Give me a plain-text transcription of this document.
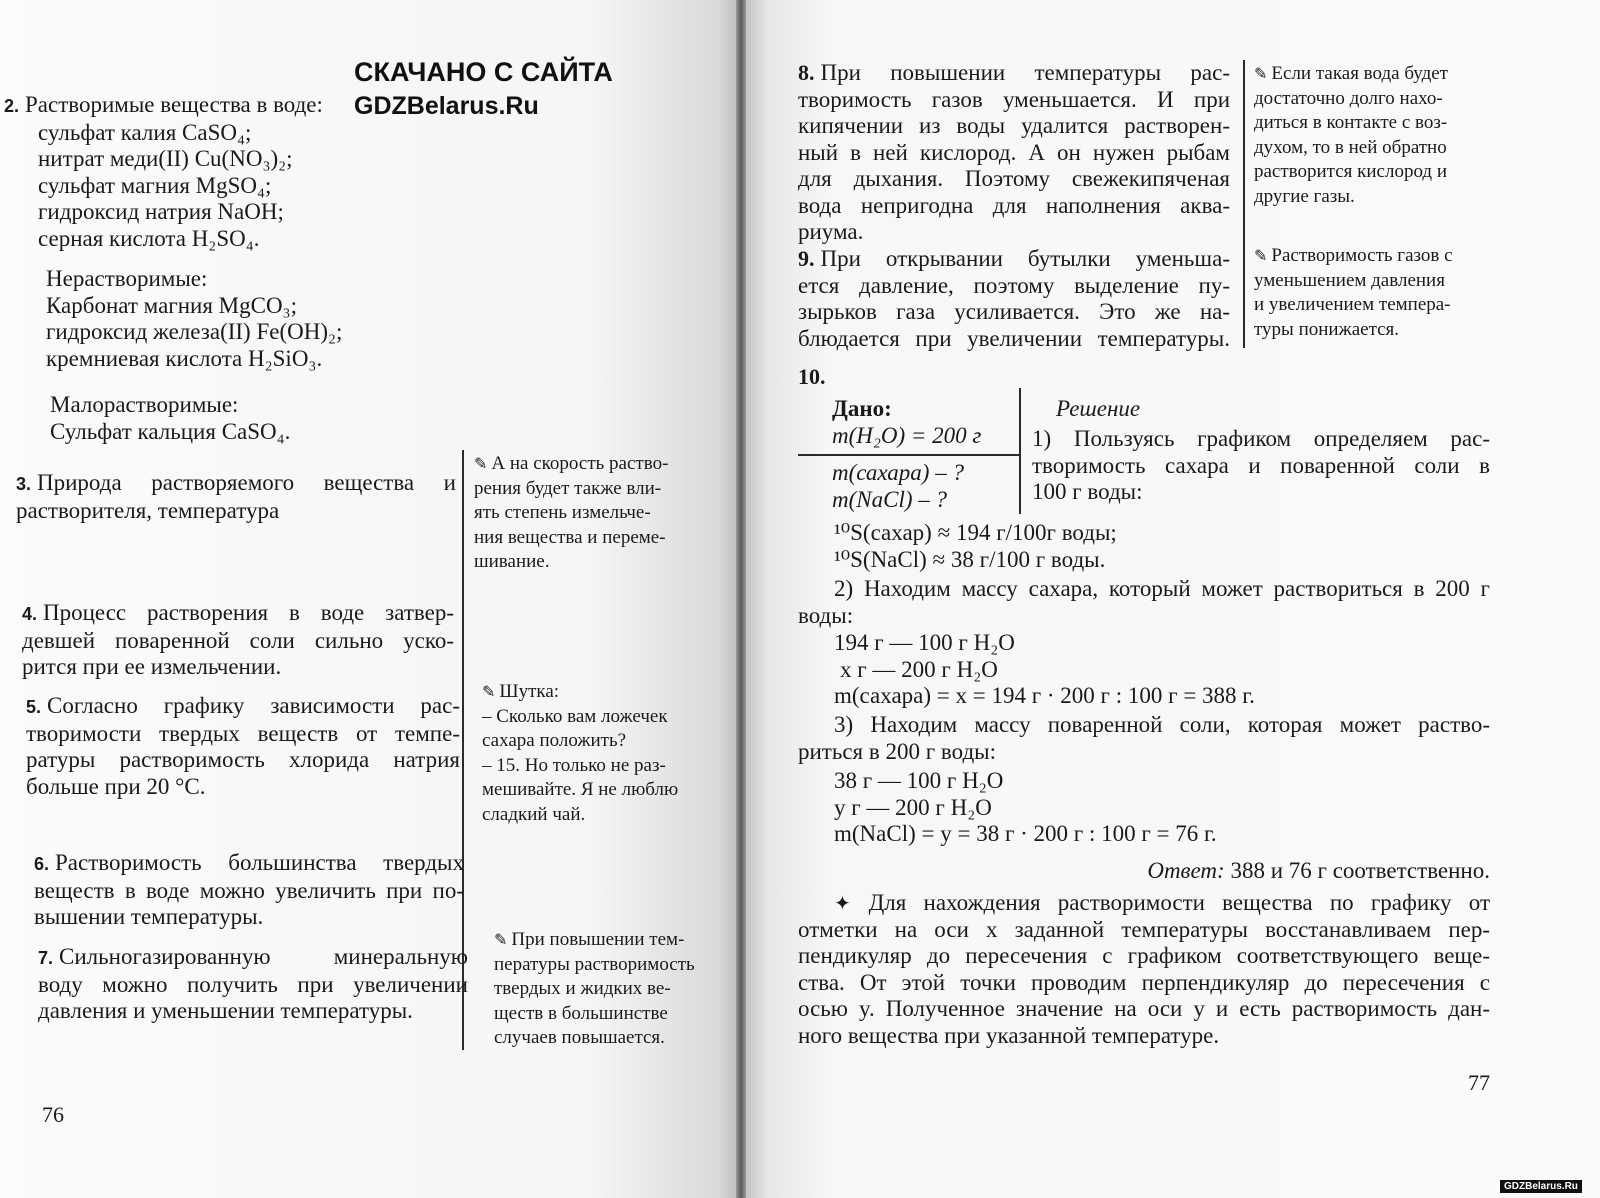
СКАЧАНО С САЙТА
GDZBelarus.Ru
2. Растворимые вещества в воде:
сульфат калия CaSO₄;
нитрат меди(II) Cu(NO₃)₂;
сульфат магния MgSO₄;
гидроксид натрия NaOH;
серная кислота H₂SO₄.
Нерастворимые:
Карбонат магния MgCO₃;
гидроксид железа(II) Fe(OH)₂;
кремниевая кислота H₂SiO₃.
Малорастворимые:
Сульфат кальция CaSO₄.
3. Природа растворяемого вещества и
растворителя, температура
4. Процесс растворения в воде затвер-
девшей поваренной соли сильно уско-
рится при ее измельчении.
5. Согласно графику зависимости рас-
творимости твердых веществ от темпе-
ратуры растворимость хлорида натрия
больше при 20 °С.
6. Растворимость большинства твердых
веществ в воде можно увеличить при по-
вышении температуры.
7. Сильногазированную минеральную
воду можно получить при увеличении
давления и уменьшении температуры.
✎ А на скорость раство-
рения будет также вли-
ять степень измельче-
ния вещества и переме-
шивание.
✎ Шутка:
– Сколько вам ложечек
сахара положить?
– 15. Но только не раз-
мешивайте. Я не люблю
сладкий чай.
✎ При повышении тем-
пературы растворимость
твердых и жидких ве-
ществ в большинстве
случаев повышается.
76
8. При повышении температуры рас-
творимость газов уменьшается. И при
кипячении из воды удалится растворен-
ный в ней кислород. А он нужен рыбам
для дыхания. Поэтому свежекипяченая
вода непригодна для наполнения аква-
риума.
9. При открывании бутылки уменьша-
ется давление, поэтому выделение пу-
зырьков газа усиливается. Это же на-
блюдается при увеличении температуры.
✎ Если такая вода будет
достаточно долго нахо-
диться в контакте с воз-
духом, то в ней обратно
растворится кислород и
другие газы.
✎ Растворимость газов с
уменьшением давления
и увеличением темпера-
туры понижается.
10.
Дано:
m(H₂O) = 200 г
m(сахара) – ?
m(NaCl) – ?
Решение
1) Пользуясь графиком определяем рас-
творимость сахара и поваренной соли в
100 г воды:
¹⁰S(сахар) ≈ 194 г/100г воды;
¹⁰S(NaCl) ≈ 38 г/100 г воды.
2) Находим массу сахара, который может раствориться в 200 г
воды:
194 г — 100 г H₂O
x г — 200 г H₂O
m(сахара) = x = 194 г · 200 г : 100 г = 388 г.
3) Находим массу поваренной соли, которая может раство-
риться в 200 г воды:
38 г — 100 г H₂O
y г — 200 г H₂O
m(NaCl) = y = 38 г · 200 г : 100 г = 76 г.
Ответ: 388 и 76 г соответственно.
✦ Для нахождения растворимости вещества по графику от
отметки на оси x заданной температуры восстанавливаем пер-
пендикуляр до пересечения с графиком соответствующего веще-
ства. От этой точки проводим перпендикуляр до пересечения с
осью y. Полученное значение на оси y и есть растворимость дан-
ного вещества при указанной температуре.
77
GDZBelarus.Ru
